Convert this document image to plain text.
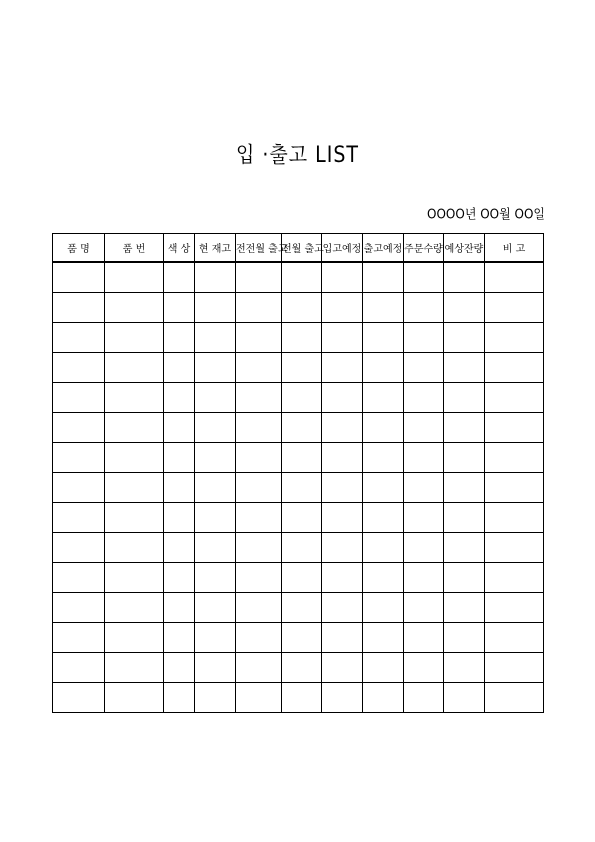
입 ·출고 LIST
OOOO년 OO월 OO일
품 명	품 번	색 상	현 재고	전전월 출고	전월 출고	입고예정	출고예정	주문수량	예상잔량	비 고
